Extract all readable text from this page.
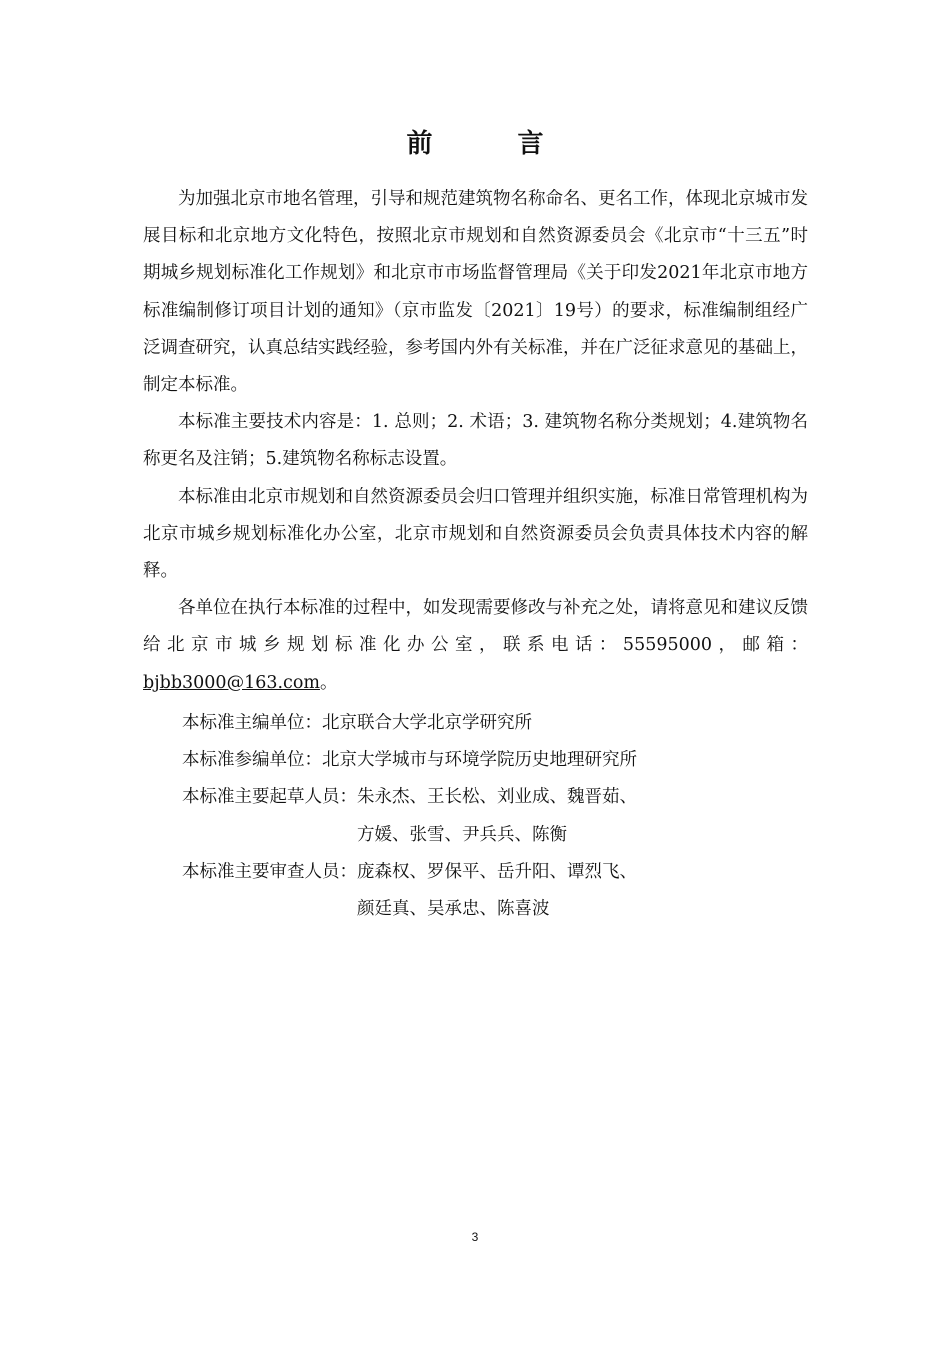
前 言

为加强北京市地名管理，引导和规范建筑物名称命名、更名工作，体现北京城市发展目标和北京地方文化特色，按照北京市规划和自然资源委员会《北京市“十三五”时期城乡规划标准化工作规划》和北京市市场监督管理局《关于印发2021年北京市地方标准编制修订项目计划的通知》（京市监发〔2021〕19号）的要求，标准编制组经广泛调查研究，认真总结实践经验，参考国内外有关标准，并在广泛征求意见的基础上，制定本标准。

本标准主要技术内容是：1. 总则；2. 术语；3. 建筑物名称分类规划；4.建筑物名称更名及注销；5.建筑物名称标志设置。

本标准由北京市规划和自然资源委员会归口管理并组织实施，标准日常管理机构为北京市城乡规划标准化办公室，北京市规划和自然资源委员会负责具体技术内容的解释。

各单位在执行本标准的过程中，如发现需要修改与补充之处，请将意见和建议反馈给北京市城乡规划标准化办公室，联系电话：55595000，邮箱：bjbb3000@163.com。

本标准主编单位： 北京联合大学北京学研究所
本标准参编单位： 北京大学城市与环境学院历史地理研究所
本标准主要起草人员： 朱永杰、王长松、刘业成、魏晋茹、
方媛、张雪、尹兵兵、陈衡
本标准主要审查人员： 庞森权、罗保平、岳升阳、谭烈飞、
颜廷真、吴承忠、陈喜波
3
